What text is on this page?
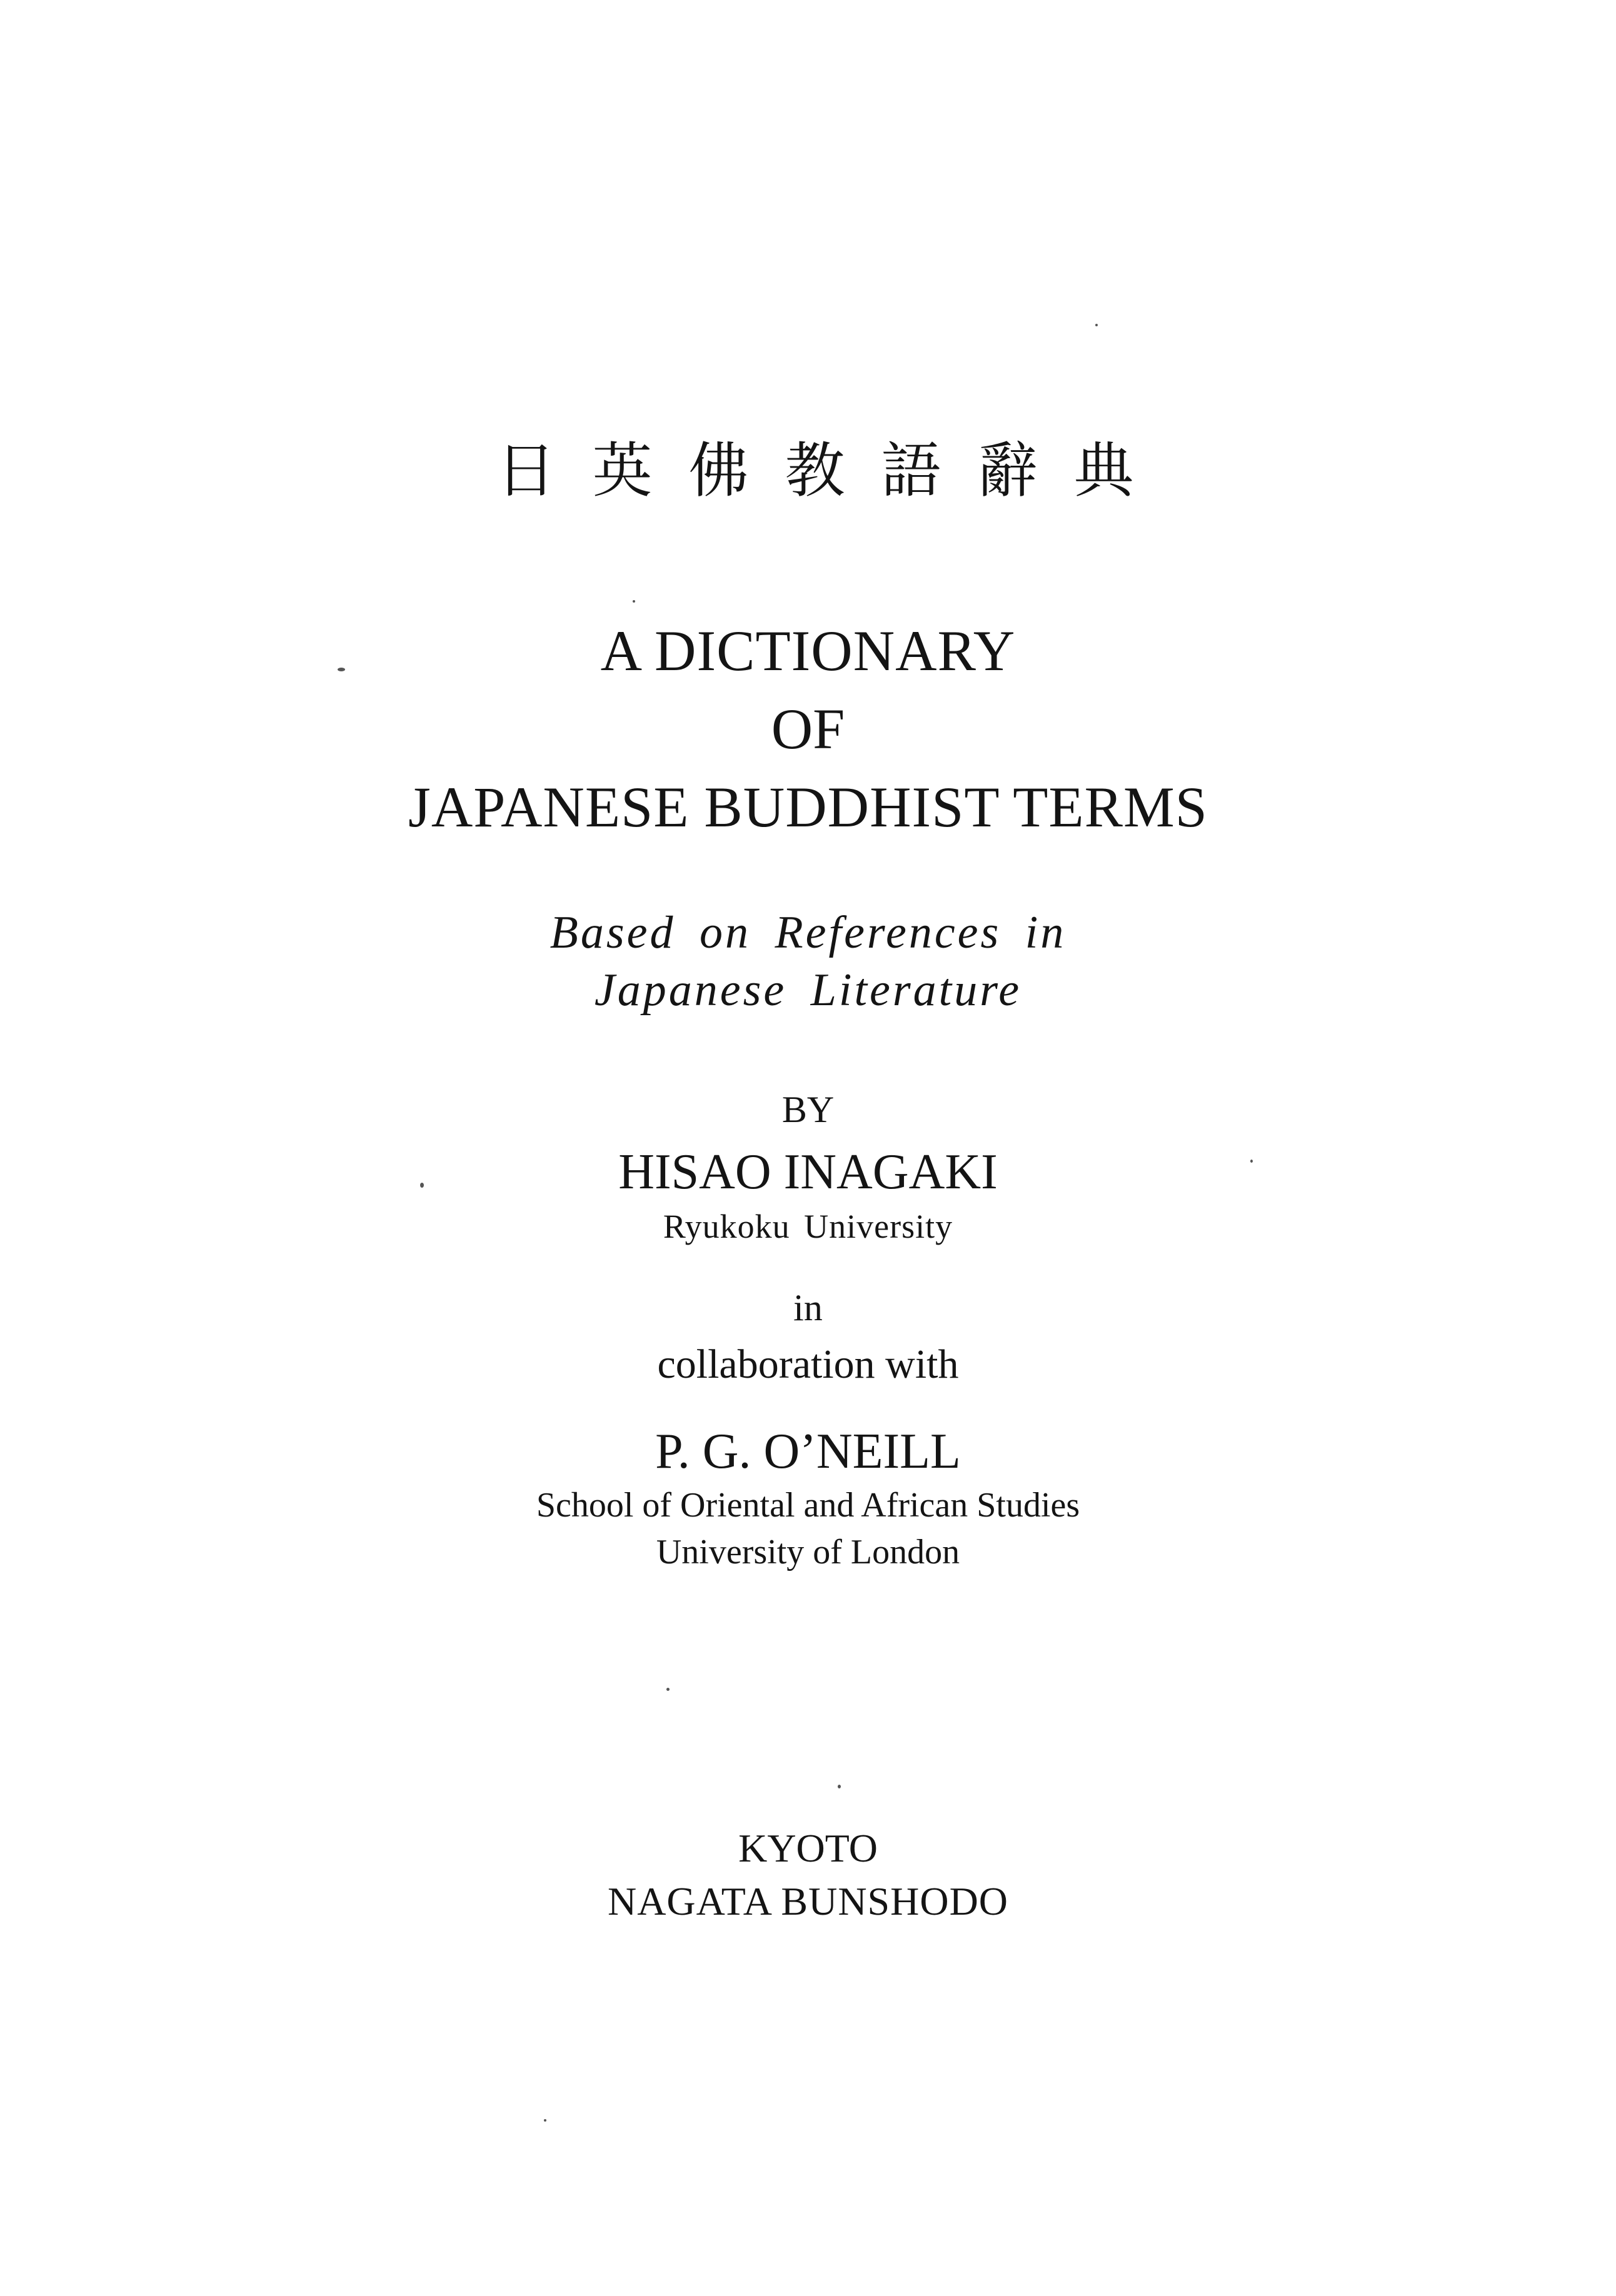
日英佛教語辭典
A DICTIONARY
OF
JAPANESE BUDDHIST TERMS
Based on References in
Japanese Literature
BY
HISAO INAGAKI
Ryukoku University
in
collaboration with
P. G. O’NEILL
School of Oriental and African Studies
University of London
KYOTO
NAGATA BUNSHODO
